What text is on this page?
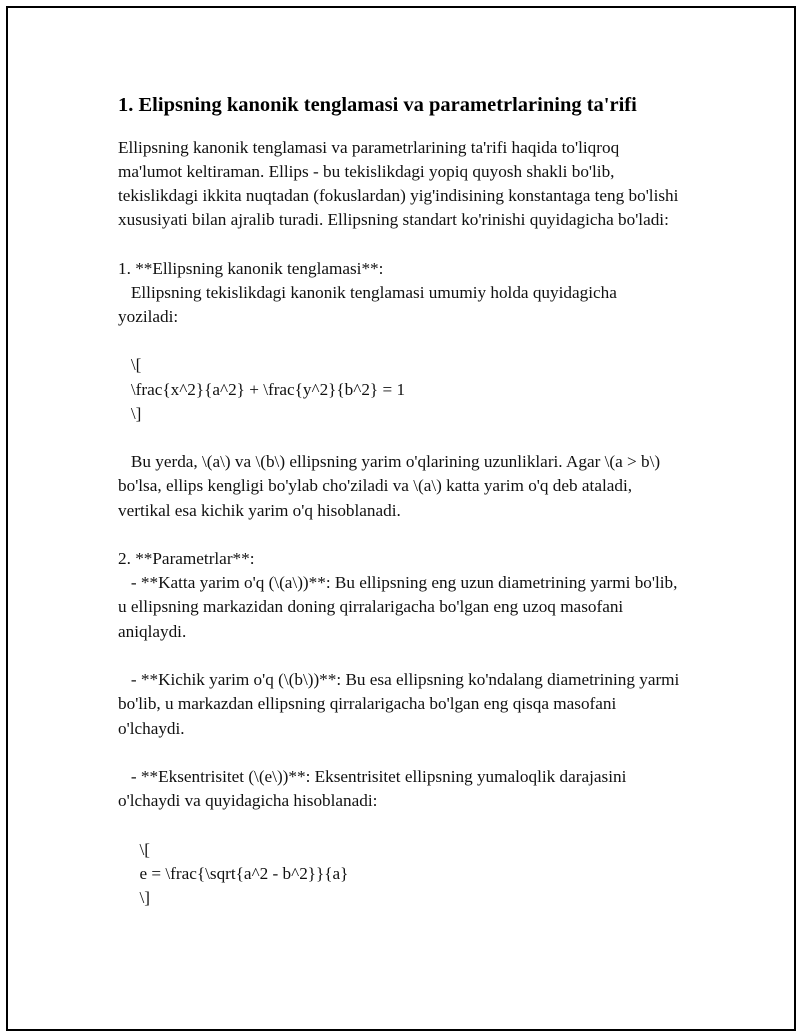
1. Elipsning kanonik tenglamasi va parametrlarining ta'rifi

Ellipsning kanonik tenglamasi va parametrlarining ta'rifi haqida to'liqroq ma'lumot keltiraman. Ellips - bu tekislikdagi yopiq quyosh shakli bo'lib, tekislikdagi ikkita nuqtadan (fokuslardan) yig'indisining konstantaga teng bo'lishi xususiyati bilan ajralib turadi. Ellipsning standart ko'rinishi quyidagicha bo'ladi:

1. **Ellipsning kanonik tenglamasi**:
Ellipsning tekislikdagi kanonik tenglamasi umumiy holda quyidagicha yoziladi:

\[
\frac{x^2}{a^2} + \frac{y^2}{b^2} = 1
\]

Bu yerda, \(a\) va \(b\) ellipsning yarim o'qlarining uzunliklari. Agar \(a > b\) bo'lsa, ellips kengligi bo'ylab cho'ziladi va \(a\) katta yarim o'q deb ataladi, vertikal esa kichik yarim o'q hisoblanadi.

2. **Parametrlar**:
- **Katta yarim o'q (\(a\))**: Bu ellipsning eng uzun diametrining yarmi bo'lib, u ellipsning markazidan doning qirralarigacha bo'lgan eng uzoq masofani aniqlaydi.

- **Kichik yarim o'q (\(b\))**: Bu esa ellipsning ko'ndalang diametrining yarmi bo'lib, u markazdan ellipsning qirralarigacha bo'lgan eng qisqa masofani o'lchaydi.

- **Eksentrisitet (\(e\))**: Eksentrisitet ellipsning yumaloqlik darajasini o'lchaydi va quyidagicha hisoblanadi:

\[
e = \frac{\sqrt{a^2 - b^2}}{a}
\]
